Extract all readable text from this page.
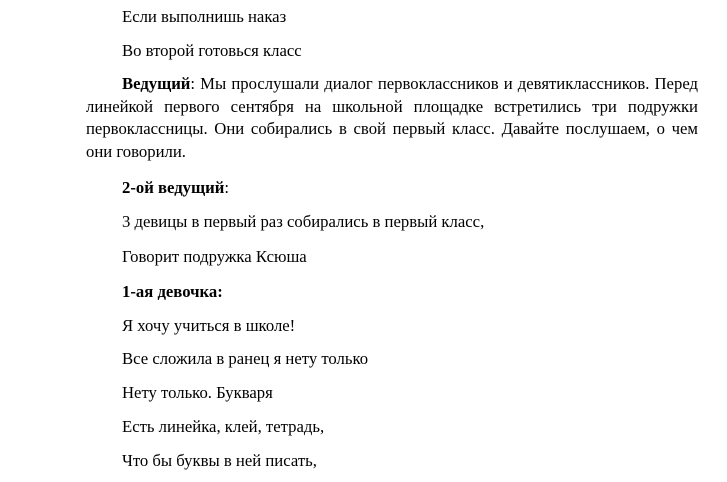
Если выполнишь наказ
Во второй готовься класс
Ведущий: Мы прослушали диалог первоклассников и девятиклассников. Перед линейкой первого сентября на школьной площадке встретились три подружки первоклассницы. Они собирались в свой первый класс. Давайте послушаем, о чем они говорили.
2-ой ведущий:
3 девицы в первый раз собирались в первый класс,
Говорит подружка Ксюша
1-ая девочка:
Я хочу учиться в школе!
Все сложила в ранец я нету только
Нету только. Букваря
Есть линейка, клей, тетрадь,
Что бы буквы в ней писать,
